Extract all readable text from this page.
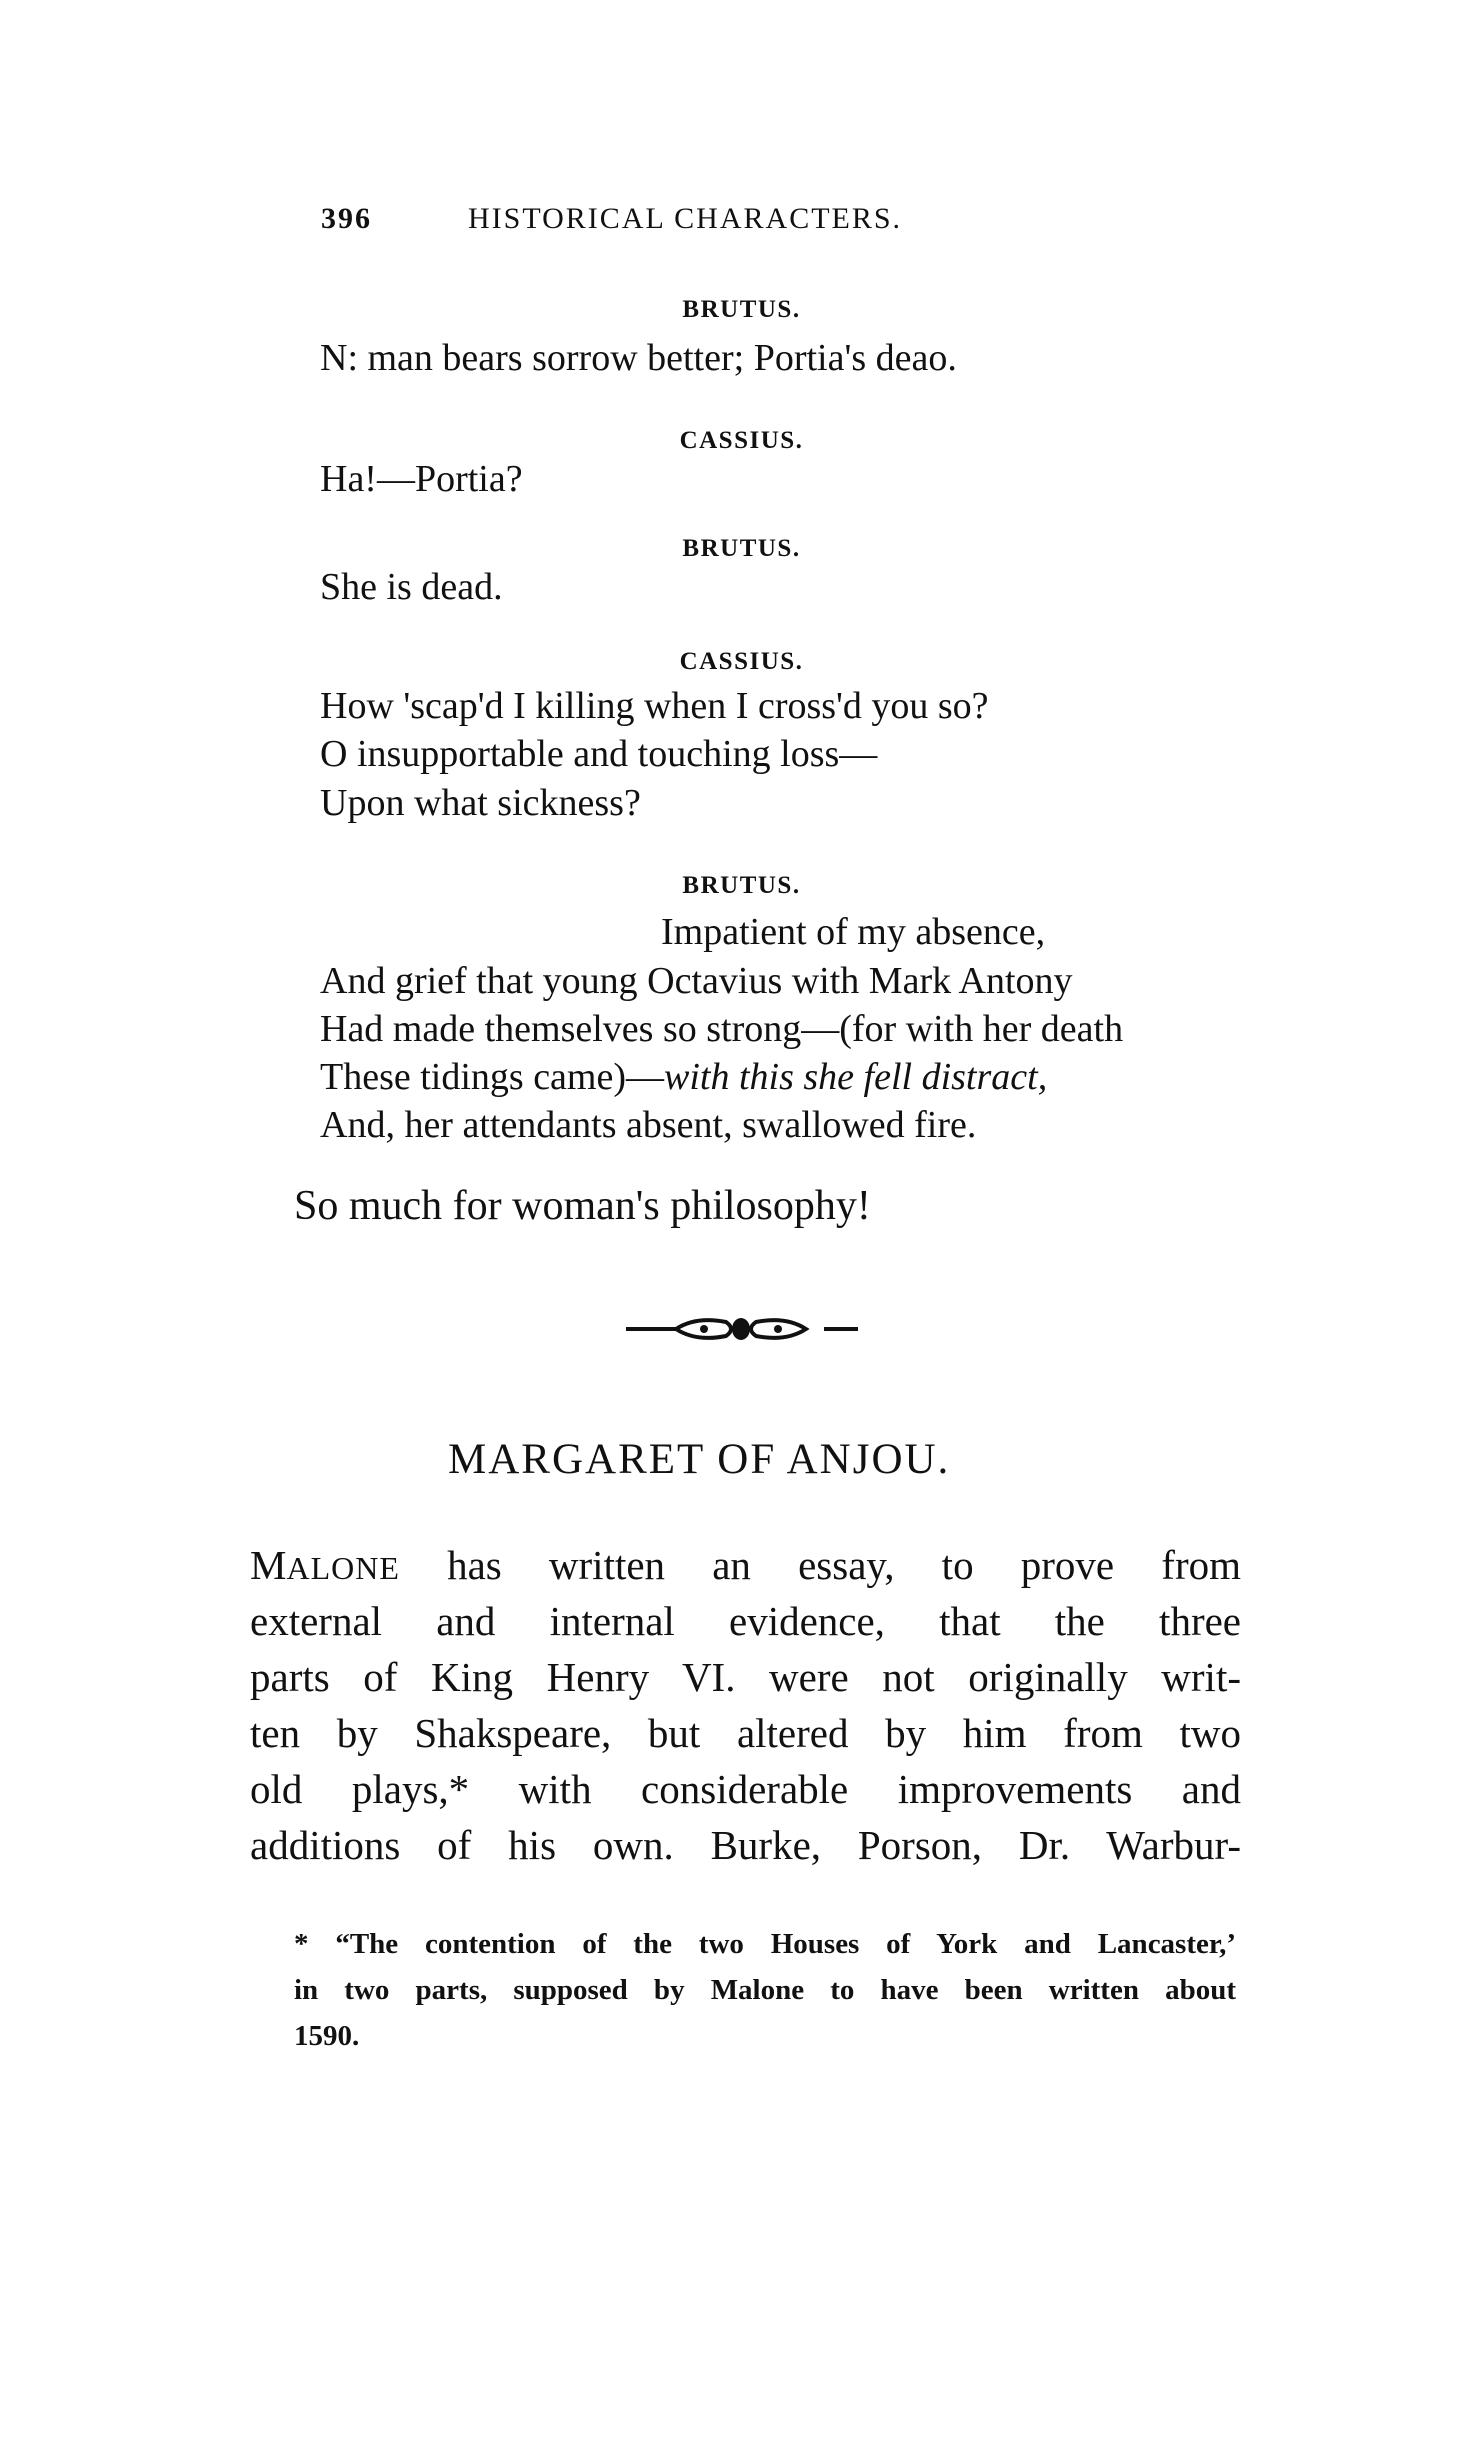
396	HISTORICAL CHARACTERS.
BRUTUS.
N: man bears sorrow better; Portia's deao.
CASSIUS.
Ha!—Portia?
BRUTUS.
She is dead.
CASSIUS.
How 'scap'd I killing when I cross'd you so?
O insupportable and touching loss—
Upon what sickness?
BRUTUS.
Impatient of my absence,
And grief that young Octavius with Mark Antony
Had made themselves so strong—(for with her death
These tidings came)—with this she fell distract,
And, her attendants absent, swallowed fire.
So much for woman's philosophy!
MARGARET OF ANJOU.
MALONE has written an essay, to prove from
external and internal evidence, that the three
parts of King Henry VI. were not originally writ-
ten by Shakspeare, but altered by him from two
old plays,* with considerable improvements and
additions of his own. Burke, Porson, Dr. Warbur-
* “The contention of the two Houses of York and Lancaster,’
in two parts, supposed by Malone to have been written about
1590.
